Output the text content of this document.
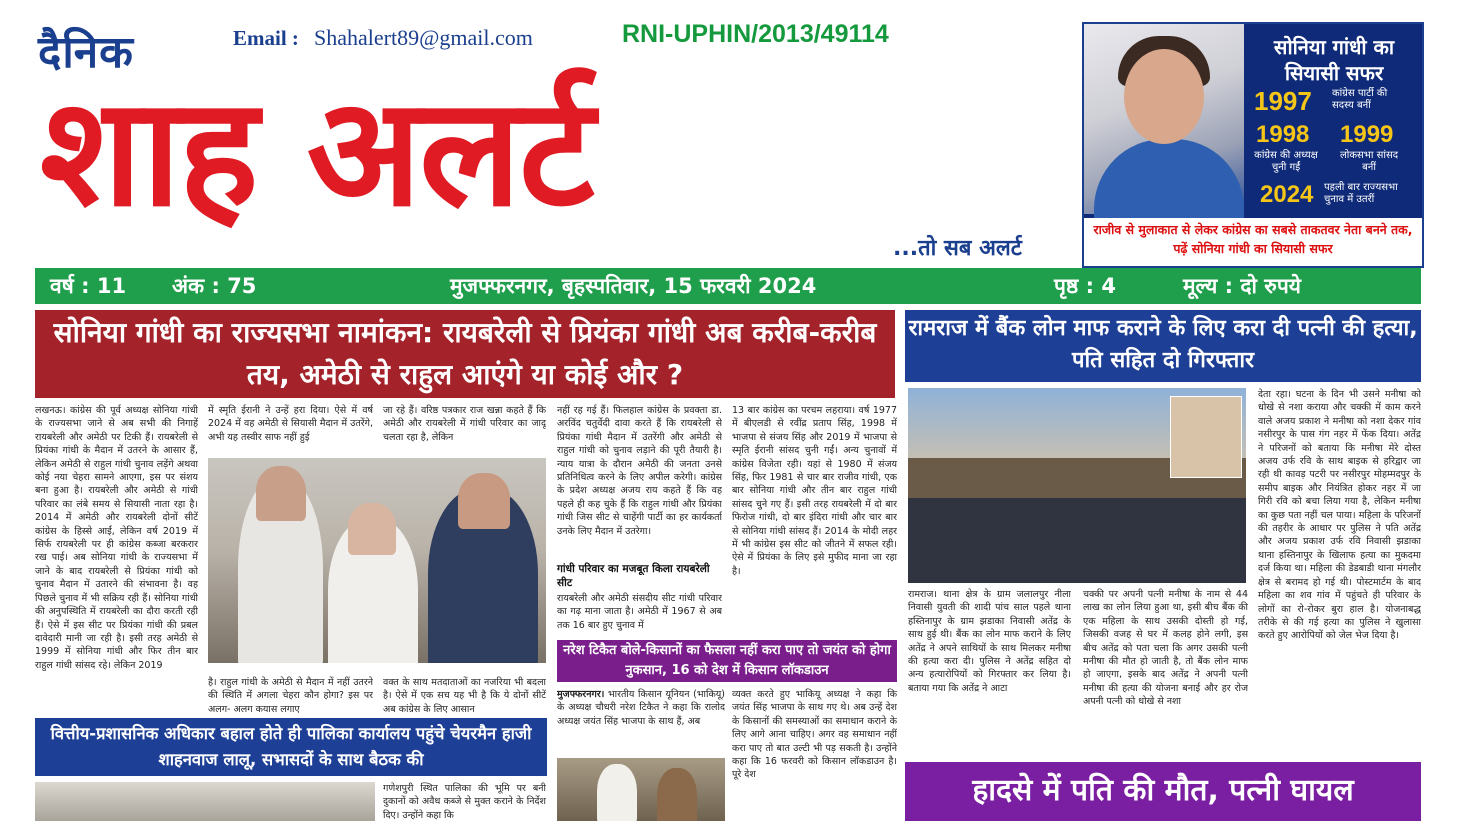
दैनिक	Email : Shahalert89@gmail.com	RNI-UPHIN/2013/49114
शाह अलर्ट
...तो सब अलर्ट
सोनिया गांधी का सियासी सफर
1997 कांग्रेस पार्टी की सदस्य बनीं
1998
कांग्रेस की अध्यक्ष चुनी गईं
1999
लोकसभा सांसद बनीं
2024	पहली बार राज्यसभा चुनाव में उतरीं
राजीव से मुलाकात से लेकर कांग्रेस का सबसे ताकतवर नेता बनने तक, पढ़ें सोनिया गांधी का सियासी सफर
वर्ष : 11 अंक : 75	मुजफ्फरनगर, बृहस्पतिवार, 15 फरवरी 2024	पृष्ठ : 4	मूल्य : दो रुपये
सोनिया गांधी का राज्यसभा नामांकन: रायबरेली से प्रियंका गांधी अब करीब-करीब तय, अमेठी से राहुल आएंगे या कोई और ?
लखनऊ। कांग्रेस की पूर्व अध्यक्ष सोनिया गांधी के राज्यसभा जाने से अब सभी की निगाहें रायबरेली और अमेठी पर टिकी हैं। रायबरेली से प्रियंका गांधी के मैदान में उतरने के आसार हैं, लेकिन अमेठी से राहुल गांधी चुनाव लड़ेंगे अथवा कोई नया चेहरा सामने आएगा, इस पर संशय बना हुआ है। रायबरेली और अमेठी से गांधी परिवार का लंबे समय से सियासी नाता रहा है। 2014 में अमेठी और रायबरेली दोनों सीटें कांग्रेस के हिस्से आईं, लेकिन वर्ष 2019 में सिर्फ रायबरेली पर ही कांग्रेस कब्जा बरकरार रख पाई। अब सोनिया गांधी के राज्यसभा में जाने के बाद रायबरेली से प्रियंका गांधी को चुनाव मैदान में उतारने की संभावना है। वह पिछले चुनाव में भी सक्रिय रही हैं। सोनिया गांधी की अनुपस्थिति में रायबरेली का दौरा करती रही हैं। ऐसे में इस सीट पर प्रियंका गांधी की प्रबल दावेदारी मानी जा रही है। इसी तरह अमेठी से 1999 में सोनिया गांधी और फिर तीन बार राहुल गांधी सांसद रहे। लेकिन 2019
में स्मृति ईरानी ने उन्हें हरा दिया। ऐसे में वर्ष 2024 में वह अमेठी से सियासी मैदान में उतरेंगे, अभी यह तस्वीर साफ नहीं हुई
जा रहे हैं। वरिष्ठ पत्रकार राज खन्ना कहते हैं कि अमेठी और रायबरेली में गांधी परिवार का जादू चलता रहा है, लेकिन
है। राहुल गांधी के अमेठी से मैदान में नहीं उतरने की स्थिति में अगला चेहरा कौन होगा? इस पर अलग- अलग कयास लगाए
वक्त के साथ मतदाताओं का नजरिया भी बदला है। ऐसे में एक सच यह भी है कि ये दोनों सीटें अब कांग्रेस के लिए आसान
नहीं रह गई हैं। फिलहाल कांग्रेस के प्रवक्ता डा. अरविंद चतुर्वेदी दावा करते हैं कि रायबरेली से प्रियंका गांधी मैदान में उतरेंगी और अमेठी से राहुल गांधी को चुनाव लड़ाने की पूरी तैयारी है। न्याय यात्रा के दौरान अमेठी की जनता उनसे प्रतिनिधित्व करने के लिए अपील करेगी। कांग्रेस के प्रदेश अध्यक्ष अजय राय कहते हैं कि वह पहले ही कह चुके हैं कि राहुल गांधी और प्रियंका गांधी जिस सीट से चाहेंगी पार्टी का हर कार्यकर्ता उनके लिए मैदान में उतरेगा।
गांधी परिवार का मजबूत किला रायबरेली सीट
रायबरेली और अमेठी संसदीय सीट गांधी परिवार का गढ़ माना जाता है। अमेठी में 1967 से अब तक 16 बार हुए चुनाव में
13 बार कांग्रेस का परचम लहराया। वर्ष 1977 में बीएलडी से रवींद्र प्रताप सिंह, 1998 में भाजपा से संजय सिंह और 2019 में भाजपा से स्मृति ईरानी सांसद चुनी गईं। अन्य चुनावों में कांग्रेस विजेता रही। यहां से 1980 में संजय सिंह, फिर 1981 से चार बार राजीव गांधी, एक बार सोनिया गांधी और तीन बार राहुल गांधी सांसद चुने गए हैं। इसी तरह रायबरेली में दो बार फिरोज गांधी, दो बार इंदिरा गांधी और चार बार से सोनिया गांधी सांसद हैं। 2014 के मोदी लहर में भी कांग्रेस इस सीट को जीतने में सफल रही। ऐसे में प्रियंका के लिए इसे मुफीद माना जा रहा है।
नरेश टिकैत बोले-किसानों का फैसला नहीं करा पाए तो जयंत को होगा नुकसान, 16 को देश में किसान लॉकडाउन
मुजफ्फरनगर। भारतीय किसान यूनियन (भाकियू) के अध्यक्ष चौधरी नरेश टिकैत ने कहा कि रालोद अध्यक्ष जयंत सिंह भाजपा के साथ हैं, अब
व्यक्त करते हुए भाकियू अध्यक्ष ने कहा कि जयंत सिंह भाजपा के साथ गए थे। अब उन्हें देश के किसानों की समस्याओं का समाधान कराने के लिए आगे आना चाहिए। अगर वह समाधान नहीं करा पाए तो बात उल्टी भी पड़ सकती है। उन्होंने कहा कि 16 फरवरी को किसान लॉकडाउन है। पूरे देश
वित्तीय-प्रशासनिक अधिकार बहाल होते ही पालिका कार्यालय पहुंचे चेयरमैन हाजी शाहनवाज लालू, सभासदों के साथ बैठक की
गणेशपुरी स्थित पालिका की भूमि पर बनी दुकानों को अवैध कब्जे से मुक्त कराने के निर्देश दिए। उन्होंने कहा कि
रामराज में बैंक लोन माफ कराने के लिए करा दी पत्नी की हत्या, पति सहित दो गिरफ्तार
रामराज। थाना क्षेत्र के ग्राम जलालपुर नीला निवासी युवती की शादी पांच साल पहले थाना हस्तिनापुर के ग्राम झडाका निवासी अतेंद्र के साथ हुई थी। बैंक का लोन माफ कराने के लिए अतेंद्र ने अपने साथियों के साथ मिलकर मनीषा की हत्या करा दी। पुलिस ने अतेंद्र सहित दो अन्य हत्यारोपियों को गिरफ्तार कर लिया है। बताया गया कि अतेंद्र ने आटा
चक्की पर अपनी पत्नी मनीषा के नाम से 44 लाख का लोन लिया हुआ था, इसी बीच बैंक की एक महिला के साथ उसकी दोस्ती हो गई, जिसकी वजह से घर में कलह होने लगी, इस बीच अतेंद्र को पता चला कि अगर उसकी पत्नी मनीषा की मौत हो जाती है, तो बैंक लोन माफ हो जाएगा, इसके बाद अतेंद्र ने अपनी पत्नी मनीषा की हत्या की योजना बनाई और हर रोज अपनी पत्नी को धोखे से नशा
देता रहा। घटना के दिन भी उसने मनीषा को धोखे से नशा कराया और चक्की में काम करने वाले अजय प्रकाश ने मनीषा को नशा देकर गांव नसीरपुर के पास गंग नहर में फेंक दिया। अतेंद्र ने परिजनों को बताया कि मनीषा मेरे दोस्त अजय उर्फ रवि के साथ बाइक से हरिद्वार जा रही थी कावड़ पटरी पर नसीरपुर मोहम्मदपुर के समीप बाइक और नियंत्रित होकर नहर में जा गिरी रवि को बचा लिया गया है, लेकिन मनीषा का कुछ पता नहीं चल पाया। महिला के परिजनों की तहरीर के आधार पर पुलिस ने पति अतेंद्र और अजय प्रकाश उर्फ रवि निवासी झडाका थाना हस्तिनापुर के खिलाफ हत्या का मुकदमा दर्ज किया था। महिला की डेडबाडी थाना मंगलौर क्षेत्र से बरामद हो गई थी। पोस्टमार्टम के बाद महिला का शव गांव में पहुंचते ही परिवार के लोगों का रो-रोकर बुरा हाल है। योजनाबद्ध तरीके से की गई हत्या का पुलिस ने खुलासा करते हुए आरोपियों को जेल भेज दिया है।
हादसे में पति की मौत, पत्नी घायल
